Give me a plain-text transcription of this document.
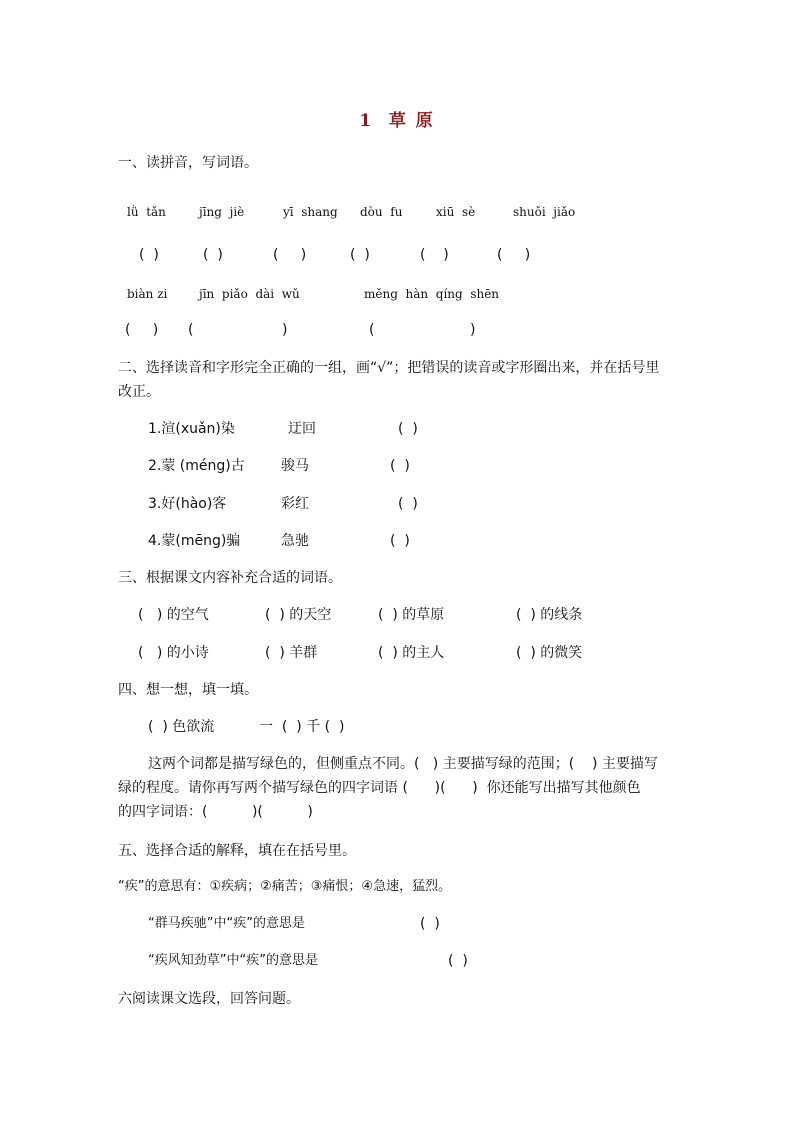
1  草 原
一、读拼音，写词语。
lǜ  tǎn	jīng  jiè	yī  shang dòu  fu	xiū  sè	shuǒi  jiǎo
(  )	(  )	(     )	(  )	(    )	(     )
biàn zi	jīn  piǎo  dài  wǔ	měng  hàn  qíng  shēn
(     ) (	)	(	)
二、选择读音和字形完全正确的一组，画“√”；把错误的读音或字形圈出来，并在括号里
改正。
1.渲(xuǎn)染	迂回	(  )
2.蒙 (méng)古	骏马	(  )
3.好(hào)客	彩红	(  )
4.蒙(mēng)骗	急驰	(  )
三、根据课文内容补充合适的词语。
(   ) 的空气	(  ) 的天空	(  ) 的草原	(  ) 的线条
(   ) 的小诗	(  ) 羊群	(  ) 的主人	(  ) 的微笑
四、想一想，填一填。
(  ) 色欲流	一  (  ) 千 (  )
这两个词都是描写绿色的，但侧重点不同。(   ) 主要描写绿的范围；(    ) 主要描写
绿的程度。请你再写两个描写绿色的四字词语 (      )(      )  你还能写出描写其他颜色
的四字词语：(          )(          )
五、选择合适的解释，填在在括号里。
“疾”的意思有：①疾病；②痛苦；③痛恨；④急速，猛烈。
“群马疾驰”中“疾”的意思是	(  )
“疾风知劲草”中“疾”的意思是	(  )
六阅读课文选段，回答问题。
